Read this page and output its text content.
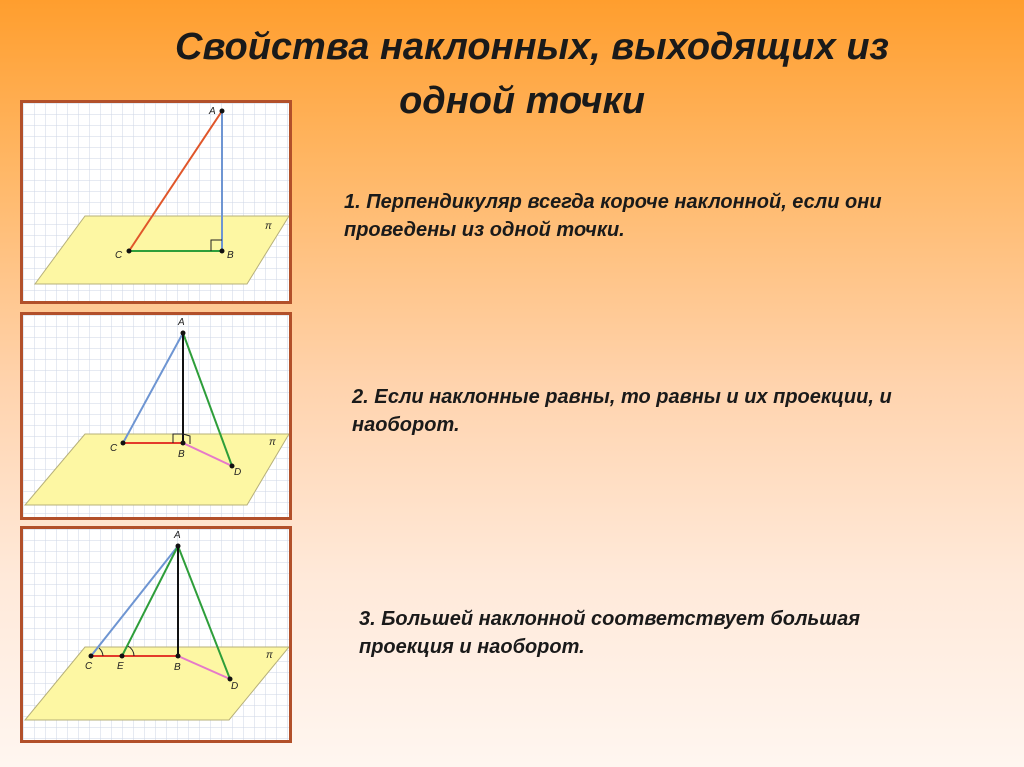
Свойства наклонных, выходящих из
одной точки
A
B
C
π
A
B
C
D
π
A
B
C
D
E
π

1. Перпендикуляр всегда короче наклонной, если они проведены из одной точки.

2. Если наклонные равны, то равны и их проекции, и наоборот.

3. Большей наклонной соответствует большая проекция и наоборот.
